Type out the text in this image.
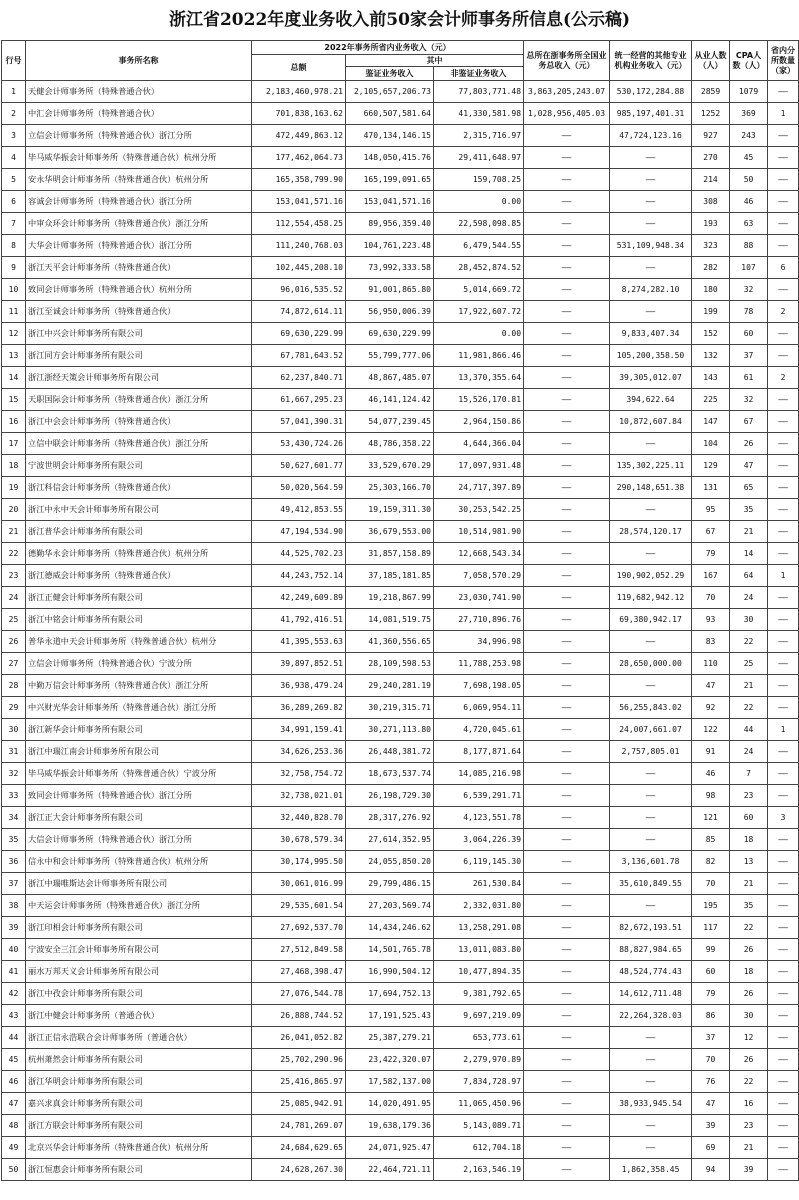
浙江省2022年度业务收入前50家会计师事务所信息(公示稿)
行号	事务所名称	2022年事务所省内业务收入（元）			总所在浙事务所全国业务总收入（元）	统一经营的其他专业机构业务收入（元）	从业人数（人）	CPA人数（人）	省内分所数量（家）
		总额	其中						
			鉴证业务收入	非鉴证业务收入					
1	天健会计师事务所（特殊普通合伙）	2,183,460,978.21	2,105,657,206.73	77,803,771.48	3,863,205,243.07	530,172,284.88	2859	1079	——
2	中汇会计师事务所（特殊普通合伙）	701,838,163.62	660,507,581.64	41,330,581.98	1,028,956,405.03	985,197,401.31	1252	369	1
3	立信会计师事务所（特殊普通合伙）浙江分所	472,449,863.12	470,134,146.15	2,315,716.97	——	47,724,123.16	927	243	——
4	毕马威华振会计师事务所（特殊普通合伙）杭州分所	177,462,064.73	148,050,415.76	29,411,648.97	——	——	270	45	——
5	安永华明会计师事务所（特殊普通合伙）杭州分所	165,358,799.90	165,199,091.65	159,708.25	——	——	214	50	——
6	容诚会计师事务所（特殊普通合伙）浙江分所	153,041,571.16	153,041,571.16	0.00	——	——	308	46	——
7	中审众环会计师事务所（特殊普通合伙）浙江分所	112,554,458.25	89,956,359.40	22,598,098.85	——	——	193	63	——
8	大华会计师事务所（特殊普通合伙）浙江分所	111,240,768.03	104,761,223.48	6,479,544.55	——	531,109,948.34	323	88	——
9	浙江天平会计师事务所（特殊普通合伙）	102,445,208.10	73,992,333.58	28,452,874.52	——	——	282	107	6
10	致同会计师事务所（特殊普通合伙）杭州分所	96,016,535.52	91,001,865.80	5,014,669.72	——	8,274,282.10	180	32	——
11	浙江至诚会计师事务所（特殊普通合伙）	74,872,614.11	56,950,006.39	17,922,607.72	——	——	199	78	2
12	浙江中兴会计师事务所有限公司	69,630,229.99	69,630,229.99	0.00	——	9,833,407.34	152	60	——
13	浙江同方会计师事务所有限公司	67,781,643.52	55,799,777.06	11,981,866.46	——	105,200,358.50	132	37	——
14	浙江浙经天策会计师事务所有限公司	62,237,840.71	48,867,485.07	13,370,355.64	——	39,305,012.07	143	61	2
15	天职国际会计师事务所（特殊普通合伙）浙江分所	61,667,295.23	46,141,124.42	15,526,170.81	——	394,622.64	225	32	——
16	浙江中会会计师事务所（特殊普通合伙）	57,041,390.31	54,077,239.45	2,964,150.86	——	10,872,607.84	147	67	——
17	立信中联会计师事务所（特殊普通合伙）浙江分所	53,430,724.26	48,786,358.22	4,644,366.04	——	——	104	26	——
18	宁波世明会计师事务所有限公司	50,627,601.77	33,529,670.29	17,097,931.48	——	135,302,225.11	129	47	——
19	浙江科信会计师事务所（特殊普通合伙）	50,020,564.59	25,303,166.70	24,717,397.89	——	290,148,651.38	131	65	——
20	浙江中永中天会计师事务所有限公司	49,412,853.55	19,159,311.30	30,253,542.25	——	——	95	35	——
21	浙江普华会计师事务所有限公司	47,194,534.90	36,679,553.00	10,514,981.90	——	28,574,120.17	67	21	——
22	德勤华永会计师事务所（特殊普通合伙）杭州分所	44,525,702.23	31,857,158.89	12,668,543.34	——	——	79	14	——
23	浙江德威会计师事务所（特殊普通合伙）	44,243,752.14	37,185,181.85	7,058,570.29	——	190,902,052.29	167	64	1
24	浙江正健会计师事务所有限公司	42,249,609.89	19,218,867.99	23,030,741.90	——	119,682,942.12	70	24	——
25	浙江中铭会计师事务所有限公司	41,792,416.51	14,081,519.75	27,710,896.76	——	69,380,942.17	93	30	——
26	普华永道中天会计师事务所（特殊普通合伙）杭州分	41,395,553.63	41,360,556.65	34,996.98	——	——	83	22	——
27	立信会计师事务所（特殊普通合伙）宁波分所	39,897,852.51	28,109,598.53	11,788,253.98	——	28,650,000.00	110	25	——
28	中勤万信会计师事务所（特殊普通合伙）浙江分所	36,938,479.24	29,240,281.19	7,698,198.05	——	——	47	21	——
29	中兴财光华会计师事务所（特殊普通合伙）浙江分所	36,289,269.82	30,219,315.71	6,069,954.11	——	56,255,843.02	92	22	——
30	浙江新华会计师事务所有限公司	34,991,159.41	30,271,113.80	4,720,045.61	——	24,007,661.07	122	44	1
31	浙江中瑞江南会计师事务所有限公司	34,626,253.36	26,448,381.72	8,177,871.64	——	2,757,805.01	91	24	——
32	毕马威华振会计师事务所（特殊普通合伙）宁波分所	32,758,754.72	18,673,537.74	14,085,216.98	——	——	46	7	——
33	致同会计师事务所（特殊普通合伙）浙江分所	32,738,021.01	26,198,729.30	6,539,291.71	——	——	98	23	——
34	浙江正大会计师事务所有限公司	32,440,828.70	28,317,276.92	4,123,551.78	——	——	121	60	3
35	大信会计师事务所（特殊普通合伙）浙江分所	30,678,579.34	27,614,352.95	3,064,226.39	——	——	85	18	——
36	信永中和会计师事务所（特殊普通合伙）杭州分所	30,174,995.50	24,055,850.20	6,119,145.30	——	3,136,601.78	82	13	——
37	浙江中瑞唯斯达会计师事务所有限公司	30,061,016.99	29,799,486.15	261,530.84	——	35,610,849.55	70	21	——
38	中天运会计师事务所（特殊普通合伙）浙江分所	29,535,601.54	27,203,569.74	2,332,031.80	——	——	195	35	——
39	浙江印相会计师事务所有限公司	27,692,537.70	14,434,246.62	13,258,291.08	——	82,672,193.51	117	22	——
40	宁波安全三江会计师事务所有限公司	27,512,849.58	14,501,765.78	13,011,083.80	——	88,827,984.65	99	26	——
41	丽水万邦天义会计师事务所有限公司	27,468,398.47	16,990,504.12	10,477,894.35	——	48,524,774.43	60	18	——
42	浙江中孜会计师事务所有限公司	27,076,544.78	17,694,752.13	9,381,792.65	——	14,612,711.48	79	26	——
43	浙江中健会计师事务所（普通合伙）	26,888,744.52	17,191,525.43	9,697,219.09	——	22,264,328.03	86	30	——
44	浙江正信永浩联合会计师事务所（普通合伙）	26,041,052.82	25,387,279.21	653,773.61	——	——	37	12	——
45	杭州萧然会计师事务所有限公司	25,702,290.96	23,422,320.07	2,279,970.89	——	——	70	26	——
46	浙江华明会计师事务所有限公司	25,416,865.97	17,582,137.00	7,834,728.97	——	——	76	22	——
47	嘉兴求真会计师事务所有限公司	25,085,942.91	14,020,491.95	11,065,450.96	——	38,933,945.54	47	16	——
48	浙江方联会计师事务所有限公司	24,781,269.07	19,638,179.36	5,143,089.71	——	——	39	23	——
49	北京兴华会计师事务所（特殊普通合伙）杭州分所	24,684,629.65	24,071,925.47	612,704.18	——	——	69	21	——
50	浙江恒惠会计师事务所有限公司	24,628,267.30	22,464,721.11	2,163,546.19	——	1,862,358.45	94	39	——
